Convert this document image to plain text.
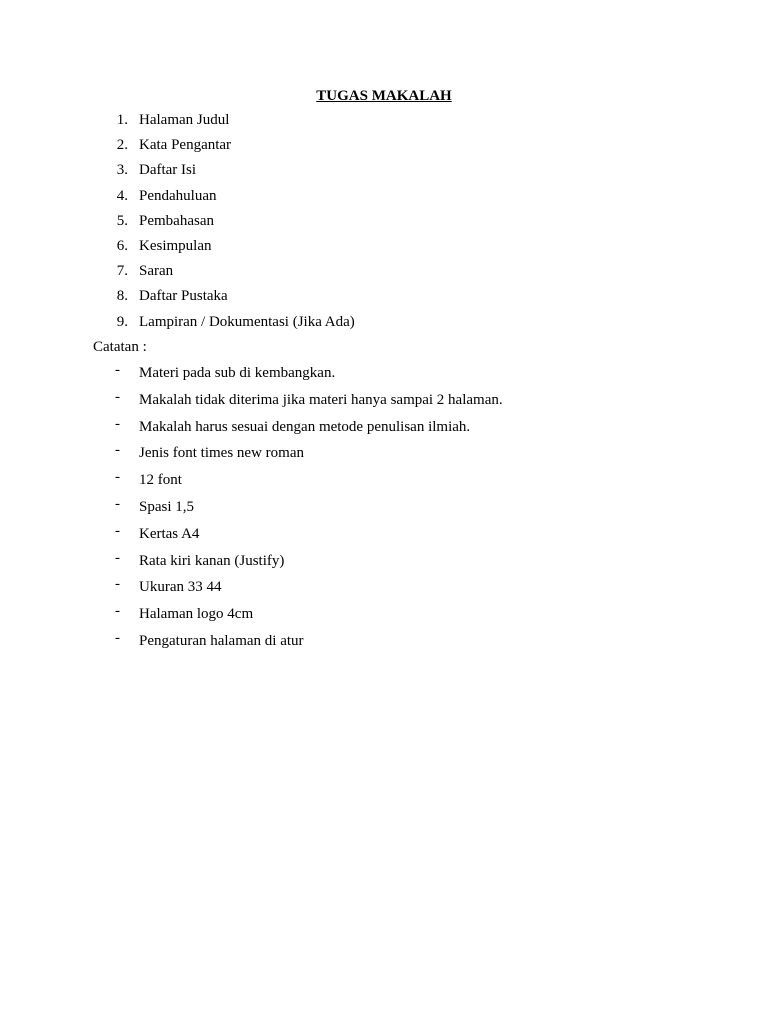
TUGAS MAKALAH
1. Halaman Judul
2. Kata Pengantar
3. Daftar Isi
4. Pendahuluan
5. Pembahasan
6. Kesimpulan
7. Saran
8. Daftar Pustaka
9. Lampiran / Dokumentasi (Jika Ada)
Catatan :
- Materi pada sub di kembangkan.
- Makalah tidak diterima jika materi hanya sampai 2 halaman.
- Makalah harus sesuai dengan metode penulisan ilmiah.
- Jenis font times new roman
- 12 font
- Spasi 1,5
- Kertas A4
- Rata kiri kanan (Justify)
- Ukuran 33 44
- Halaman logo 4cm
- Pengaturan halaman di atur
